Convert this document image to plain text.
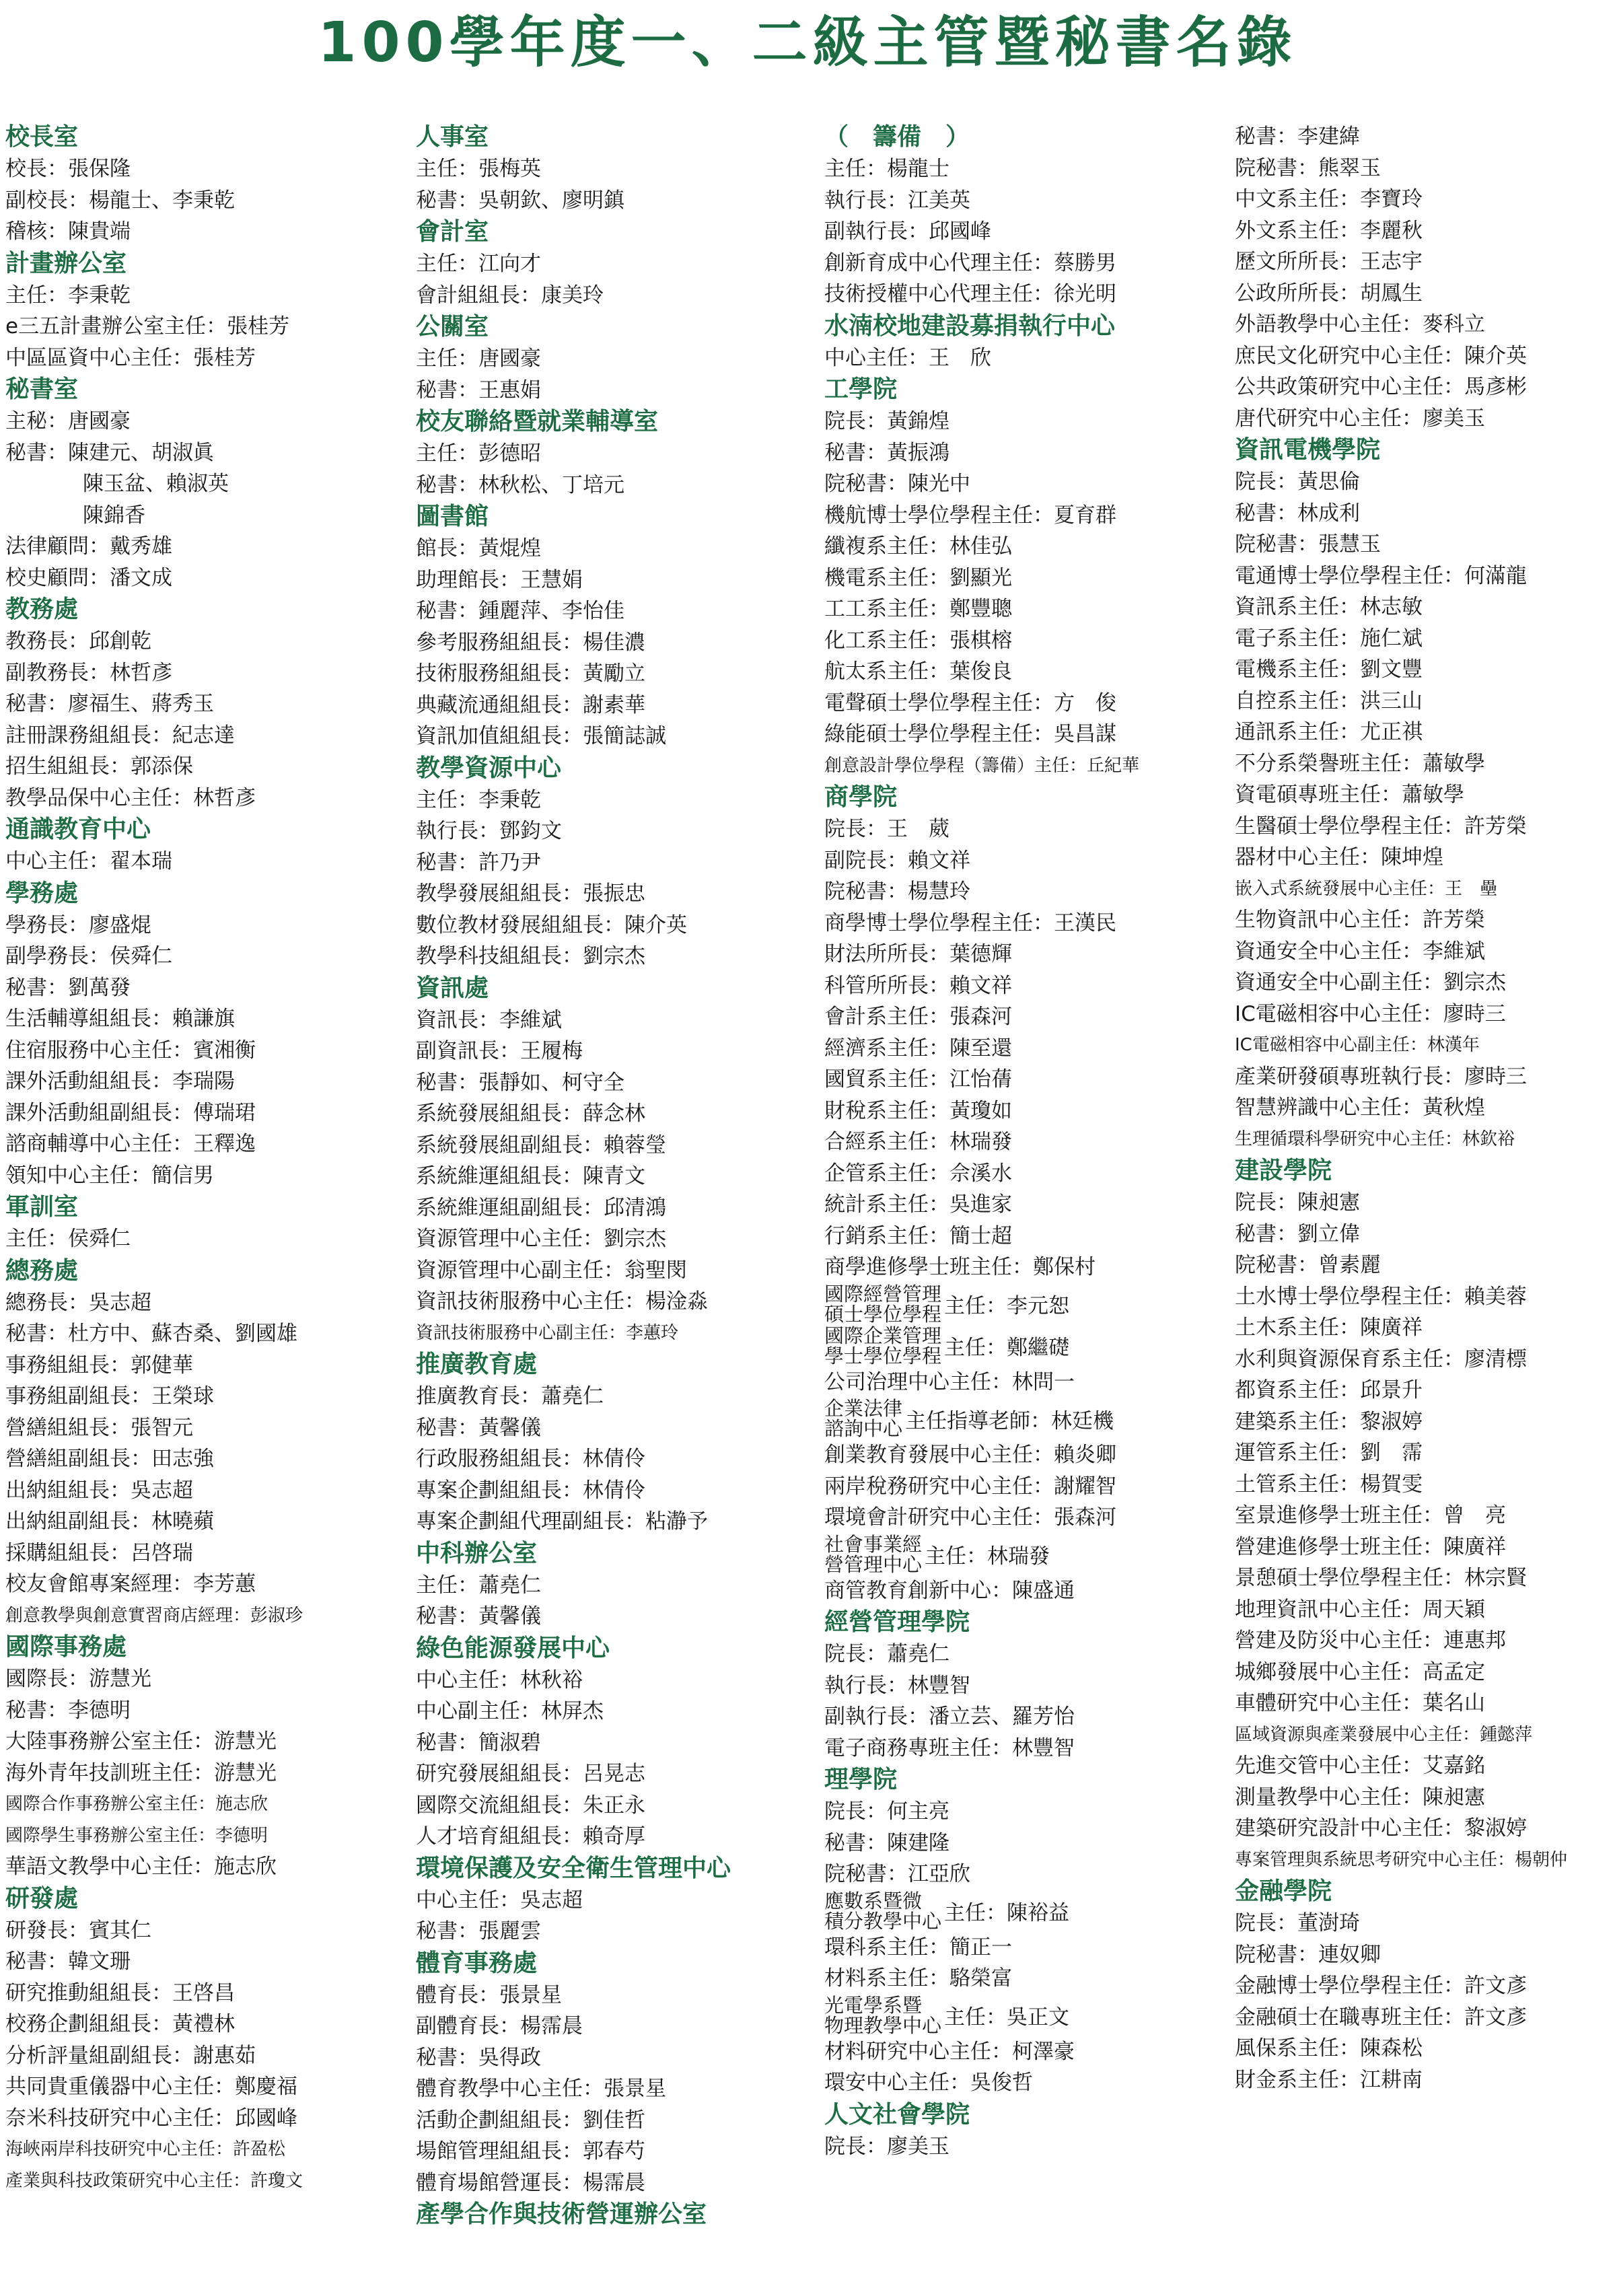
100學年度一、二級主管暨秘書名錄
校長室
校長：張保隆
副校長：楊龍士、李秉乾
稽核：陳貴端
計畫辦公室
主任：李秉乾
e三五計畫辦公室主任：張桂芳
中區區資中心主任：張桂芳
秘書室
主秘：唐國豪
秘書：陳建元、胡淑眞
陳玉盆、賴淑英
陳錦香
法律顧問：戴秀雄
校史顧問：潘文成
教務處
教務長：邱創乾
副教務長：林哲彥
秘書：廖福生、蔣秀玉
註冊課務組組長：紀志達
招生組組長：郭添保
教學品保中心主任：林哲彥
通識教育中心
中心主任：翟本瑞
學務處
學務長：廖盛焜
副學務長：侯舜仁
秘書：劉萬發
生活輔導組組長：賴謙旗
住宿服務中心主任：賓湘衡
課外活動組組長：李瑞陽
課外活動組副組長：傅瑞珺
諮商輔導中心主任：王釋逸
領知中心主任：簡信男
軍訓室
主任：侯舜仁
總務處
總務長：吳志超
秘書：杜方中、蘇杏桑、劉國雄
事務組組長：郭健華
事務組副組長：王榮球
營繕組組長：張智元
營繕組副組長：田志強
出納組組長：吳志超
出納組副組長：林曉蘋
採購組組長：呂啓瑞
校友會館專案經理：李芳蕙
創意教學與創意實習商店經理：彭淑珍
國際事務處
國際長：游慧光
秘書：李德明
大陸事務辦公室主任：游慧光
海外青年技訓班主任：游慧光
國際合作事務辦公室主任：施志欣
國際學生事務辦公室主任：李德明
華語文教學中心主任：施志欣
研發處
研發長：賓其仁
秘書：韓文珊
研究推動組組長：王啓昌
校務企劃組組長：黃禮林
分析評量組副組長：謝惠茹
共同貴重儀器中心主任：鄭慶福
奈米科技研究中心主任：邱國峰
海峽兩岸科技研究中心主任：許盈松
產業與科技政策研究中心主任：許瓊文
人事室
主任：張梅英
秘書：吳朝欽、廖明鎮
會計室
主任：江向才
會計組組長：康美玲
公關室
主任：唐國豪
秘書：王惠娟
校友聯絡暨就業輔導室
主任：彭德昭
秘書：林秋松、丁培元
圖書館
館長：黃焜煌
助理館長：王慧娟
秘書：鍾麗萍、李怡佳
參考服務組組長：楊佳濃
技術服務組組長：黃勵立
典藏流通組組長：謝素華
資訊加值組組長：張簡誌誠
教學資源中心
主任：李秉乾
執行長：鄧鈞文
秘書：許乃尹
教學發展組組長：張振忠
數位教材發展組組長：陳介英
教學科技組組長：劉宗杰
資訊處
資訊長：李維斌
副資訊長：王履梅
秘書：張靜如、柯守全
系統發展組組長：薛念林
系統發展組副組長：賴蓉瑩
系統維運組組長：陳青文
系統維運組副組長：邱清鴻
資源管理中心主任：劉宗杰
資源管理中心副主任：翁聖閔
資訊技術服務中心主任：楊淦淼
資訊技術服務中心副主任：李蕙玲
推廣教育處
推廣教育長：蕭堯仁
秘書：黃馨儀
行政服務組組長：林倩伶
專案企劃組組長：林倩伶
專案企劃組代理副組長：粘瀞予
中科辦公室
主任：蕭堯仁
秘書：黃馨儀
綠色能源發展中心
中心主任：林秋裕
中心副主任：林屏杰
秘書：簡淑碧
研究發展組組長：呂晃志
國際交流組組長：朱正永
人才培育組組長：賴奇厚
環境保護及安全衛生管理中心
中心主任：吳志超
秘書：張麗雲
體育事務處
體育長：張景星
副體育長：楊霈晨
秘書：吳得政
體育教學中心主任：張景星
活動企劃組組長：劉佳哲
場館管理組組長：郭春芍
體育場館營運長：楊霈晨
產學合作與技術營運辦公室
（　籌備　）
主任：楊龍士
執行長：江美英
副執行長：邱國峰
創新育成中心代理主任：蔡勝男
技術授權中心代理主任：徐光明
水湳校地建設募捐執行中心
中心主任：王　欣
工學院
院長：黃錦煌
秘書：黃振鴻
院秘書：陳光中
機航博士學位學程主任：夏育群
纖複系主任：林佳弘
機電系主任：劉顯光
工工系主任：鄭豐聰
化工系主任：張棋榕
航太系主任：葉俊良
電聲碩士學位學程主任：方　俊
綠能碩士學位學程主任：吳昌謀
創意設計學位學程（籌備）主任：丘紀華
商學院
院長：王　葳
副院長：賴文祥
院秘書：楊慧玲
商學博士學位學程主任：王漢民
財法所所長：葉德輝
科管所所長：賴文祥
會計系主任：張森河
經濟系主任：陳至還
國貿系主任：江怡蒨
財稅系主任：黃瓊如
合經系主任：林瑞發
企管系主任：佘溪水
統計系主任：吳進家
行銷系主任：簡士超
商學進修學士班主任：鄭保村
國際經營管理
碩士學位學程 主任：李元恕
國際企業管理
學士學位學程 主任：鄭繼礎
公司治理中心主任：林問一
企業法律
諮詢中心 主任指導老師：林廷機
創業教育發展中心主任：賴炎卿
兩岸稅務研究中心主任：謝耀智
環境會計研究中心主任：張森河
社會事業經
營管理中心 主任：林瑞發
商管教育創新中心：陳盛通
經營管理學院
院長：蕭堯仁
執行長：林豐智
副執行長：潘立芸、羅芳怡
電子商務專班主任：林豐智
理學院
院長：何主亮
秘書：陳建隆
院秘書：江亞欣
應數系暨微
積分教學中心 主任：陳裕益
環科系主任：簡正一
材料系主任：駱榮富
光電學系暨
物理教學中心 主任：吳正文
材料研究中心主任：柯澤豪
環安中心主任：吳俊哲
人文社會學院
院長：廖美玉
秘書：李建緯
院秘書：熊翠玉
中文系主任：李寶玲
外文系主任：李麗秋
歷文所所長：王志宇
公政所所長：胡鳳生
外語教學中心主任：麥科立
庶民文化研究中心主任：陳介英
公共政策研究中心主任：馬彥彬
唐代研究中心主任：廖美玉
資訊電機學院
院長：黃思倫
秘書：林成利
院秘書：張慧玉
電通博士學位學程主任：何滿龍
資訊系主任：林志敏
電子系主任：施仁斌
電機系主任：劉文豐
自控系主任：洪三山
通訊系主任：尤正祺
不分系榮譽班主任：蕭敏學
資電碩專班主任：蕭敏學
生醫碩士學位學程主任：許芳榮
器材中心主任：陳坤煌
嵌入式系統發展中心主任：王　壘
生物資訊中心主任：許芳榮
資通安全中心主任：李維斌
資通安全中心副主任：劉宗杰
IC電磁相容中心主任：廖時三
IC電磁相容中心副主任：林漢年
產業研發碩專班執行長：廖時三
智慧辨識中心主任：黃秋煌
生理循環科學研究中心主任：林欽裕
建設學院
院長：陳昶憲
秘書：劉立偉
院秘書：曾素麗
土水博士學位學程主任：賴美蓉
土木系主任：陳廣祥
水利與資源保育系主任：廖清標
都資系主任：邱景升
建築系主任：黎淑婷
運管系主任：劉　霈
土管系主任：楊賀雯
室景進修學士班主任：曾　亮
營建進修學士班主任：陳廣祥
景憩碩士學位學程主任：林宗賢
地理資訊中心主任：周天穎
營建及防災中心主任：連惠邦
城鄉發展中心主任：高孟定
車體研究中心主任：葉名山
區域資源與產業發展中心主任：鍾懿萍
先進交管中心主任：艾嘉銘
測量教學中心主任：陳昶憲
建築研究設計中心主任：黎淑婷
專案管理與系統思考研究中心主任：楊朝仲
金融學院
院長：董澍琦
院秘書：連奴卿
金融博士學位學程主任：許文彥
金融碩士在職專班主任：許文彥
風保系主任：陳森松
財金系主任：江耕南
